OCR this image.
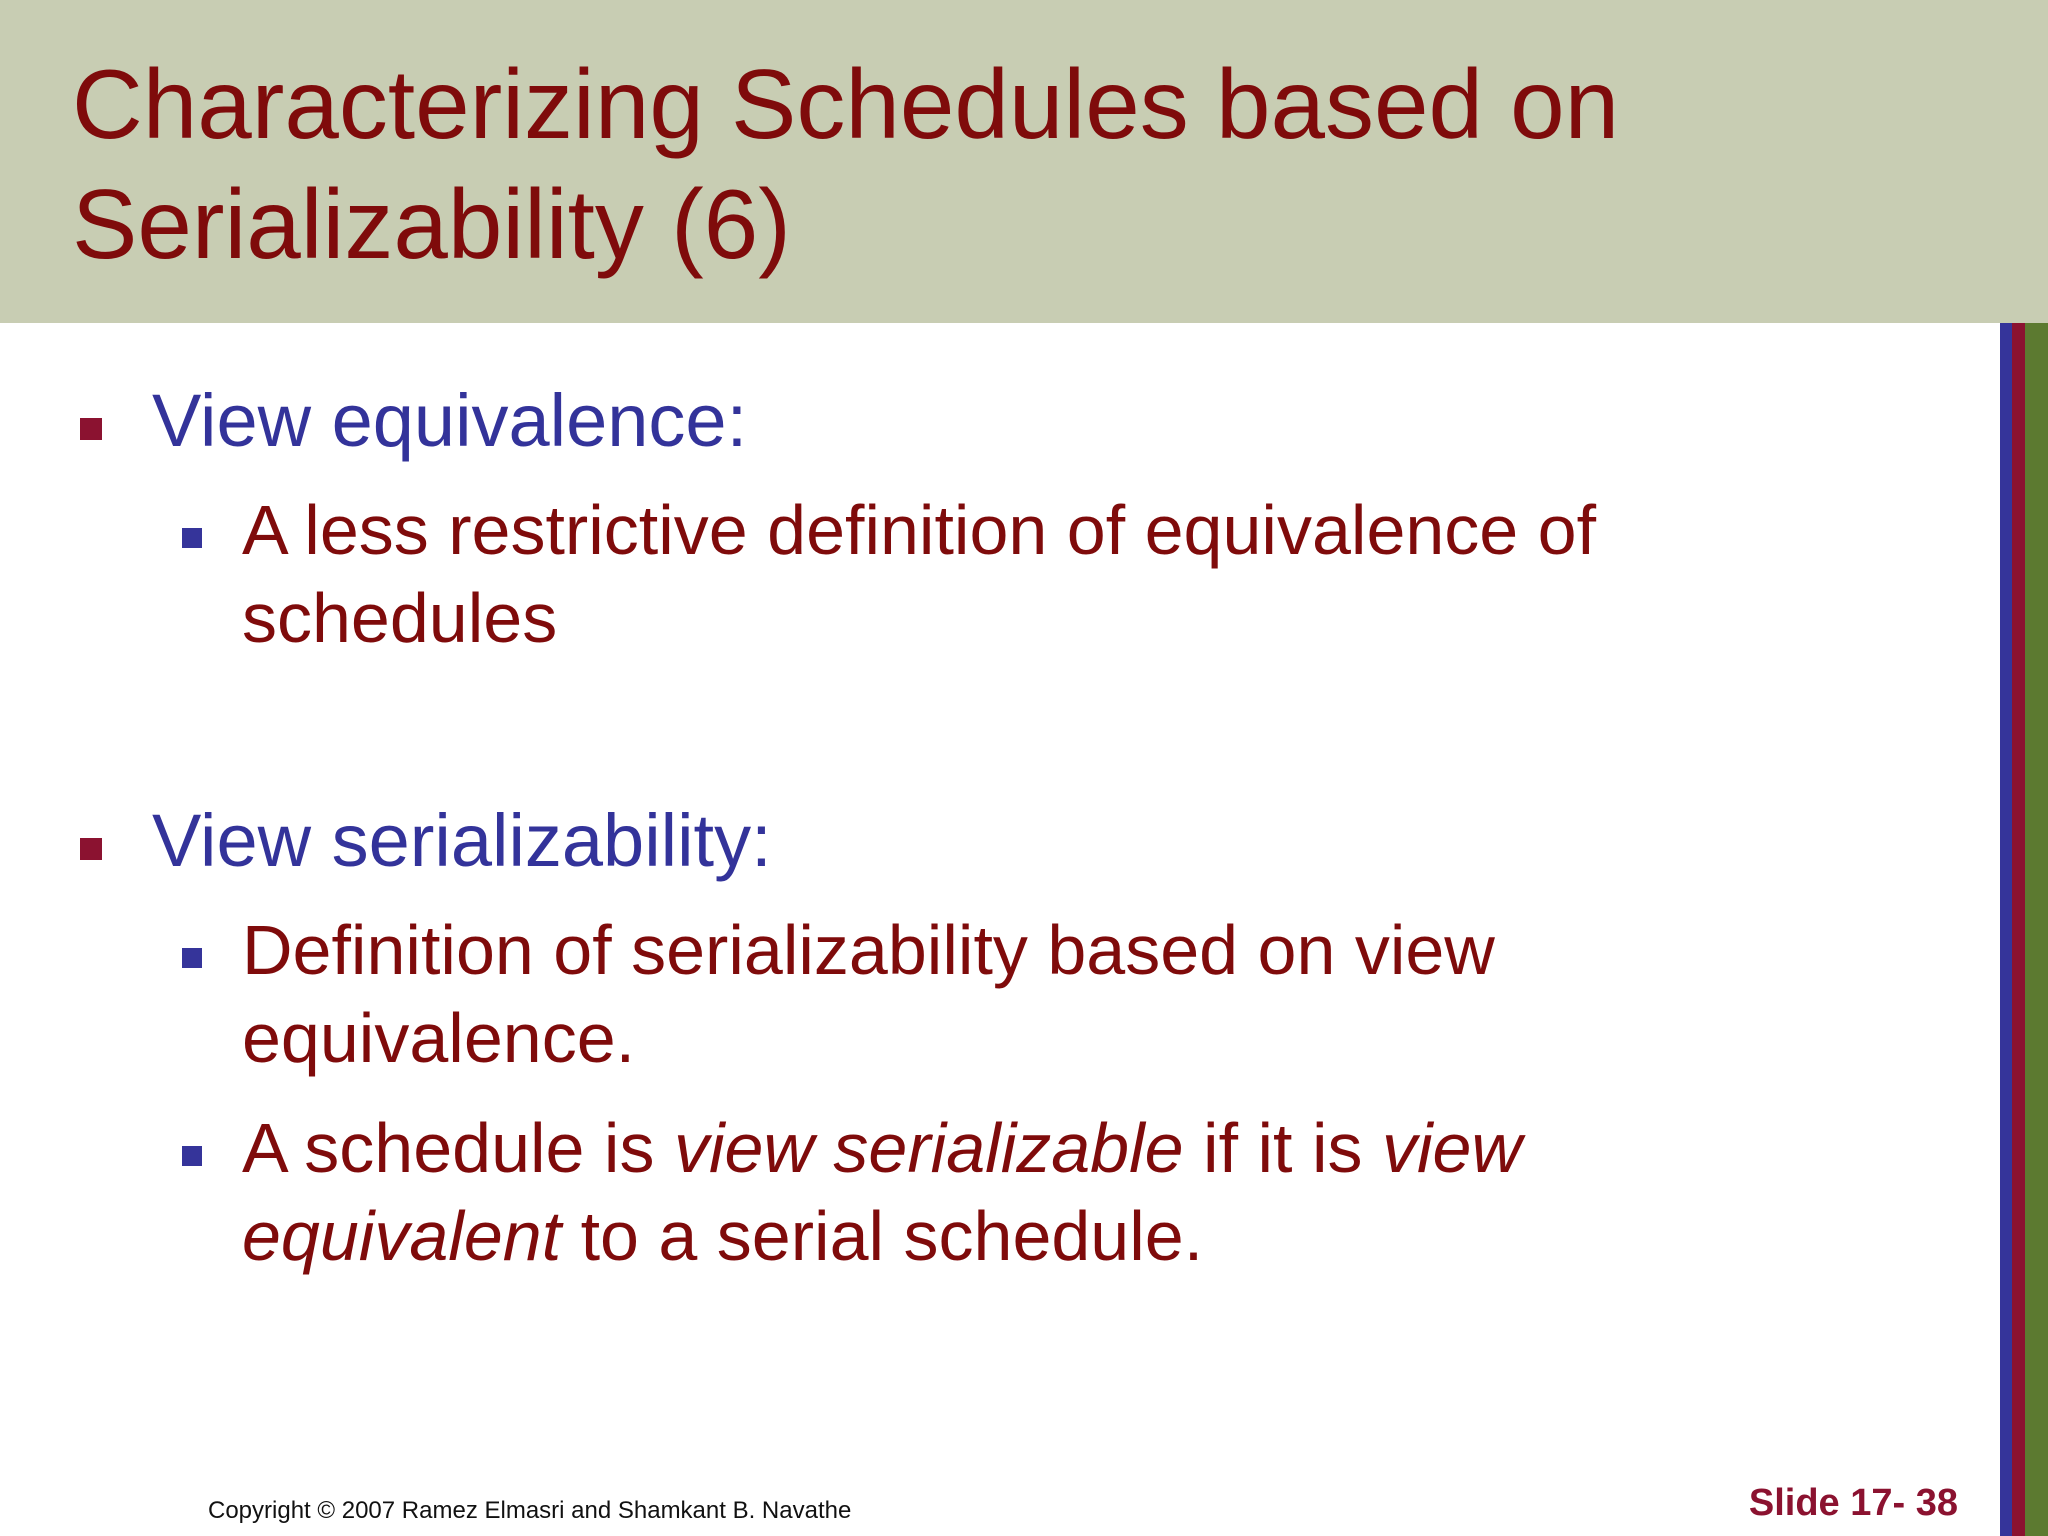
Characterizing Schedules based on Serializability (6)

View equivalence:

A less restrictive definition of equivalence of schedules

View serializability:

Definition of serializability based on view equivalence.

A schedule is view serializable if it is view equivalent to a serial schedule.

Copyright © 2007 Ramez Elmasri and Shamkant B. Navathe	Slide 17- 38
